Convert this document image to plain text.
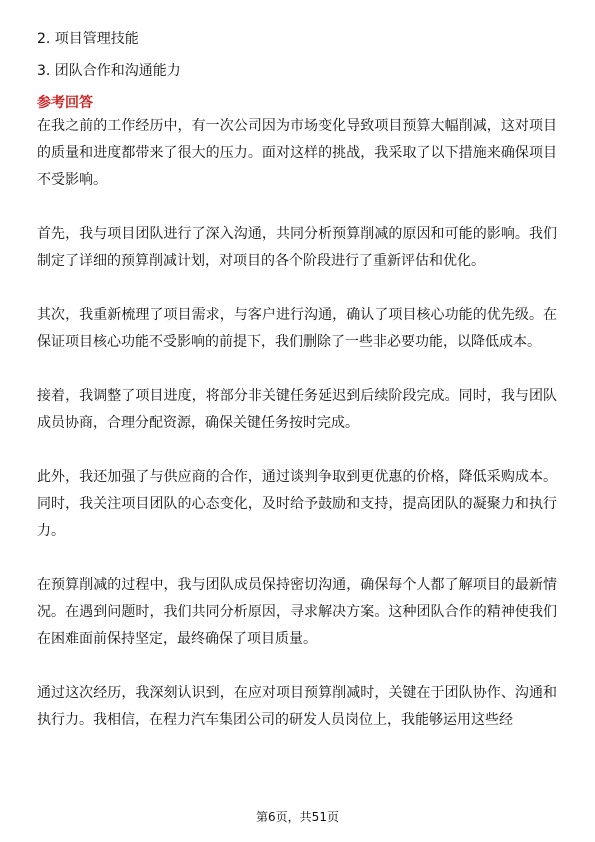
2. 项目管理技能

3. 团队合作和沟通能力

参考回答

在我之前的工作经历中，有一次公司因为市场变化导致项目预算大幅削减，这对项目的质量和进度都带来了很大的压力。面对这样的挑战，我采取了以下措施来确保项目不受影响。

首先，我与项目团队进行了深入沟通，共同分析预算削减的原因和可能的影响。我们制定了详细的预算削减计划，对项目的各个阶段进行了重新评估和优化。

其次，我重新梳理了项目需求，与客户进行沟通，确认了项目核心功能的优先级。在保证项目核心功能不受影响的前提下，我们删除了一些非必要功能，以降低成本。

接着，我调整了项目进度，将部分非关键任务延迟到后续阶段完成。同时，我与团队成员协商，合理分配资源，确保关键任务按时完成。

此外，我还加强了与供应商的合作，通过谈判争取到更优惠的价格，降低采购成本。同时，我关注项目团队的心态变化，及时给予鼓励和支持，提高团队的凝聚力和执行力。

在预算削减的过程中，我与团队成员保持密切沟通，确保每个人都了解项目的最新情况。在遇到问题时，我们共同分析原因，寻求解决方案。这种团队合作的精神使我们在困难面前保持坚定，最终确保了项目质量。

通过这次经历，我深刻认识到，在应对项目预算削减时，关键在于团队协作、沟通和执行力。我相信，在程力汽车集团公司的研发人员岗位上，我能够运用这些经

第6页，共51页
